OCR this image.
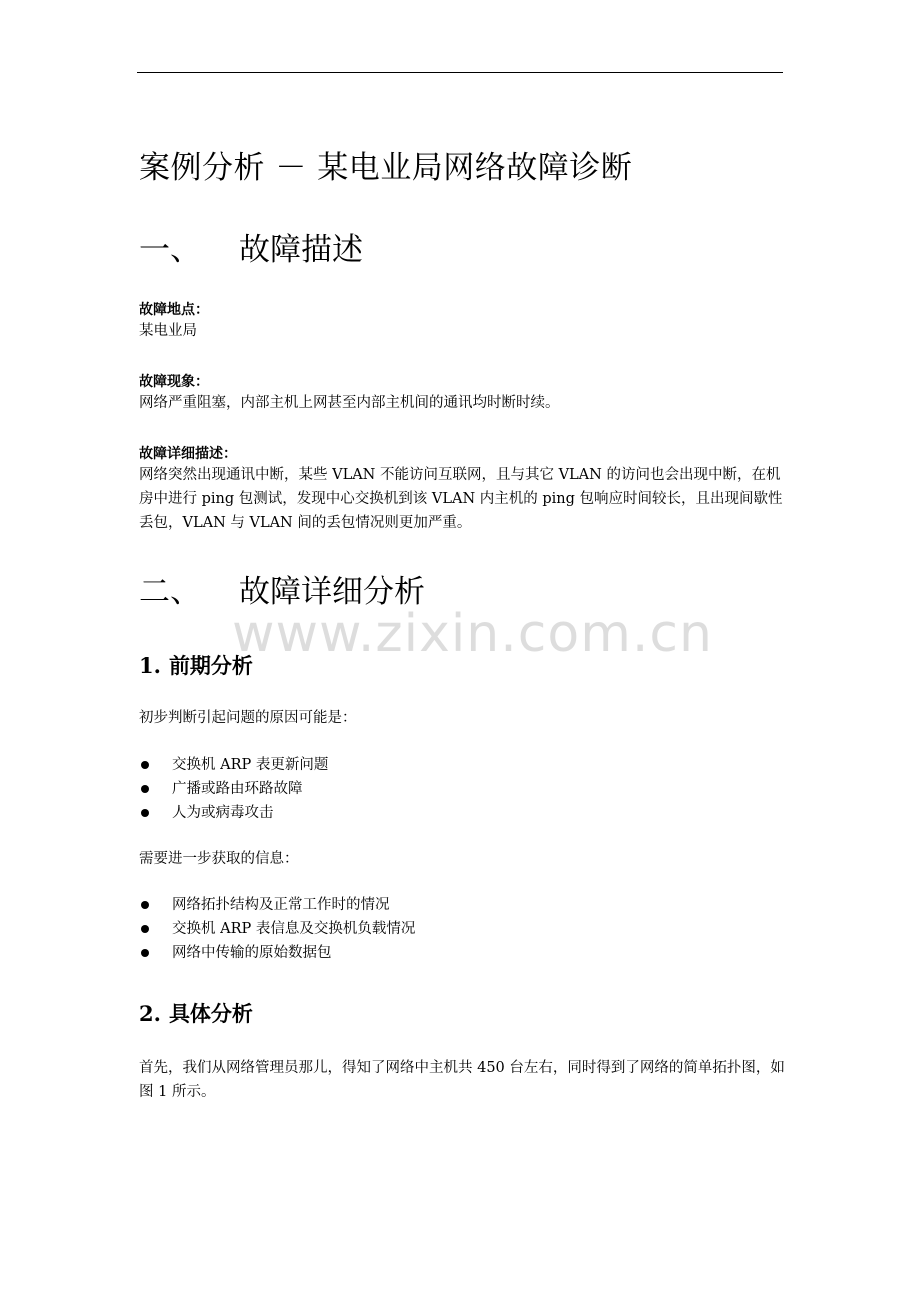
案例分析 － 某电业局网络故障诊断
一、 故障描述
故障地点：
某电业局
故障现象：
网络严重阻塞，内部主机上网甚至内部主机间的通讯均时断时续。
故障详细描述：
网络突然出现通讯中断，某些 VLAN 不能访问互联网，且与其它 VLAN 的访问也会出现中断，在机房中进行 ping 包测试，发现中心交换机到该 VLAN 内主机的 ping 包响应时间较长，且出现间歇性丢包，VLAN 与 VLAN 间的丢包情况则更加严重。
二、 故障详细分析
www.zixin.com.cn
1. 前期分析
初步判断引起问题的原因可能是：
交换机 ARP 表更新问题
广播或路由环路故障
人为或病毒攻击
需要进一步获取的信息：
网络拓扑结构及正常工作时的情况
交换机 ARP 表信息及交换机负载情况
网络中传输的原始数据包
2. 具体分析
首先，我们从网络管理员那儿，得知了网络中主机共 450 台左右，同时得到了网络的简单拓扑图，如图 1 所示。
